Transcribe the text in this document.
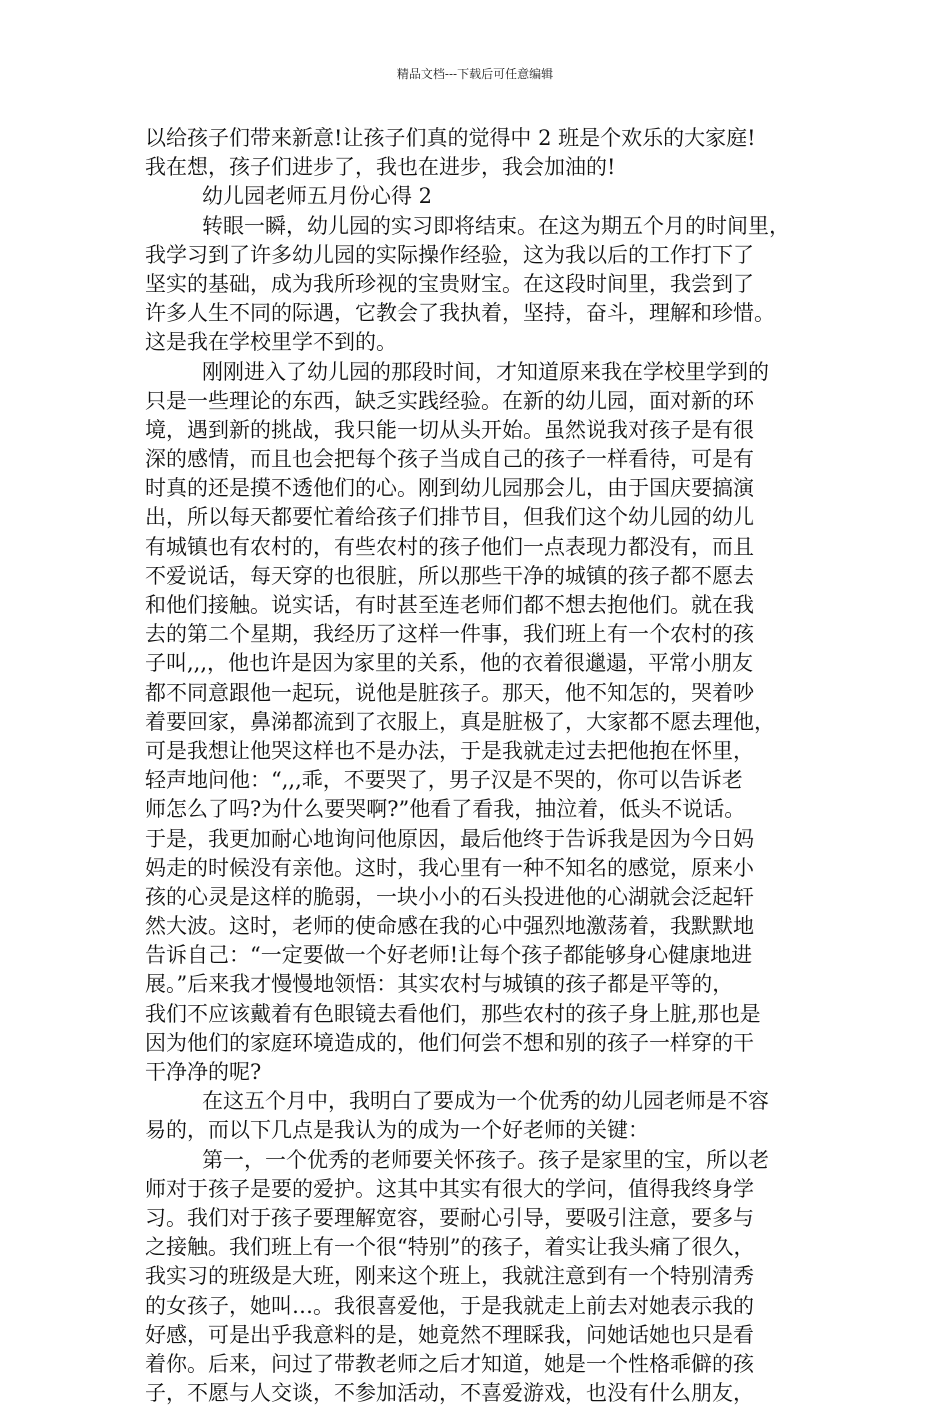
精品文档---下载后可任意编辑
以给孩子们带来新意!让孩子们真的觉得中 2 班是个欢乐的大家庭!
我在想，孩子们进步了，我也在进步，我会加油的!
幼儿园老师五月份心得 2
转眼一瞬，幼儿园的实习即将结束。在这为期五个月的时间里，
我学习到了许多幼儿园的实际操作经验，这为我以后的工作打下了
坚实的基础，成为我所珍视的宝贵财宝。在这段时间里，我尝到了
许多人生不同的际遇，它教会了我执着，坚持，奋斗，理解和珍惜。
这是我在学校里学不到的。
刚刚进入了幼儿园的那段时间，才知道原来我在学校里学到的
只是一些理论的东西，缺乏实践经验。在新的幼儿园，面对新的环
境，遇到新的挑战，我只能一切从头开始。虽然说我对孩子是有很
深的感情，而且也会把每个孩子当成自己的孩子一样看待，可是有
时真的还是摸不透他们的心。刚到幼儿园那会儿，由于国庆要搞演
出，所以每天都要忙着给孩子们排节目，但我们这个幼儿园的幼儿
有城镇也有农村的，有些农村的孩子他们一点表现力都没有，而且
不爱说话，每天穿的也很脏，所以那些干净的城镇的孩子都不愿去
和他们接触。说实话，有时甚至连老师们都不想去抱他们。就在我
去的第二个星期，我经历了这样一件事，我们班上有一个农村的孩
子叫,,,，他也许是因为家里的关系，他的衣着很邋遢，平常小朋友
都不同意跟他一起玩，说他是脏孩子。那天，他不知怎的，哭着吵
着要回家，鼻涕都流到了衣服上，真是脏极了，大家都不愿去理他，
可是我想让他哭这样也不是办法，于是我就走过去把他抱在怀里，
轻声地问他：“,,,乖，不要哭了，男子汉是不哭的，你可以告诉老
师怎么了吗?为什么要哭啊?”他看了看我，抽泣着，低头不说话。
于是，我更加耐心地询问他原因，最后他终于告诉我是因为今日妈
妈走的时候没有亲他。这时，我心里有一种不知名的感觉，原来小
孩的心灵是这样的脆弱，一块小小的石头投进他的心湖就会泛起轩
然大波。这时，老师的使命感在我的心中强烈地激荡着，我默默地
告诉自己：“一定要做一个好老师!让每个孩子都能够身心健康地进
展。”后来我才慢慢地领悟：其实农村与城镇的孩子都是平等的，
我们不应该戴着有色眼镜去看他们，那些农村的孩子身上脏,那也是
因为他们的家庭环境造成的，他们何尝不想和别的孩子一样穿的干
干净净的呢?
在这五个月中，我明白了要成为一个优秀的幼儿园老师是不容
易的，而以下几点是我认为的成为一个好老师的关键：
第一，一个优秀的老师要关怀孩子。孩子是家里的宝，所以老
师对于孩子是要的爱护。这其中其实有很大的学问，值得我终身学
习。我们对于孩子要理解宽容，要耐心引导，要吸引注意，要多与
之接触。我们班上有一个很“特别”的孩子，着实让我头痛了很久，
我实习的班级是大班，刚来这个班上，我就注意到有一个特别清秀
的女孩子，她叫…。我很喜爱他，于是我就走上前去对她表示我的
好感，可是出乎我意料的是，她竟然不理睬我，问她话她也只是看
着你。后来，问过了带教老师之后才知道，她是一个性格乖僻的孩
子，不愿与人交谈，不参加活动，不喜爱游戏，也没有什么朋友，
